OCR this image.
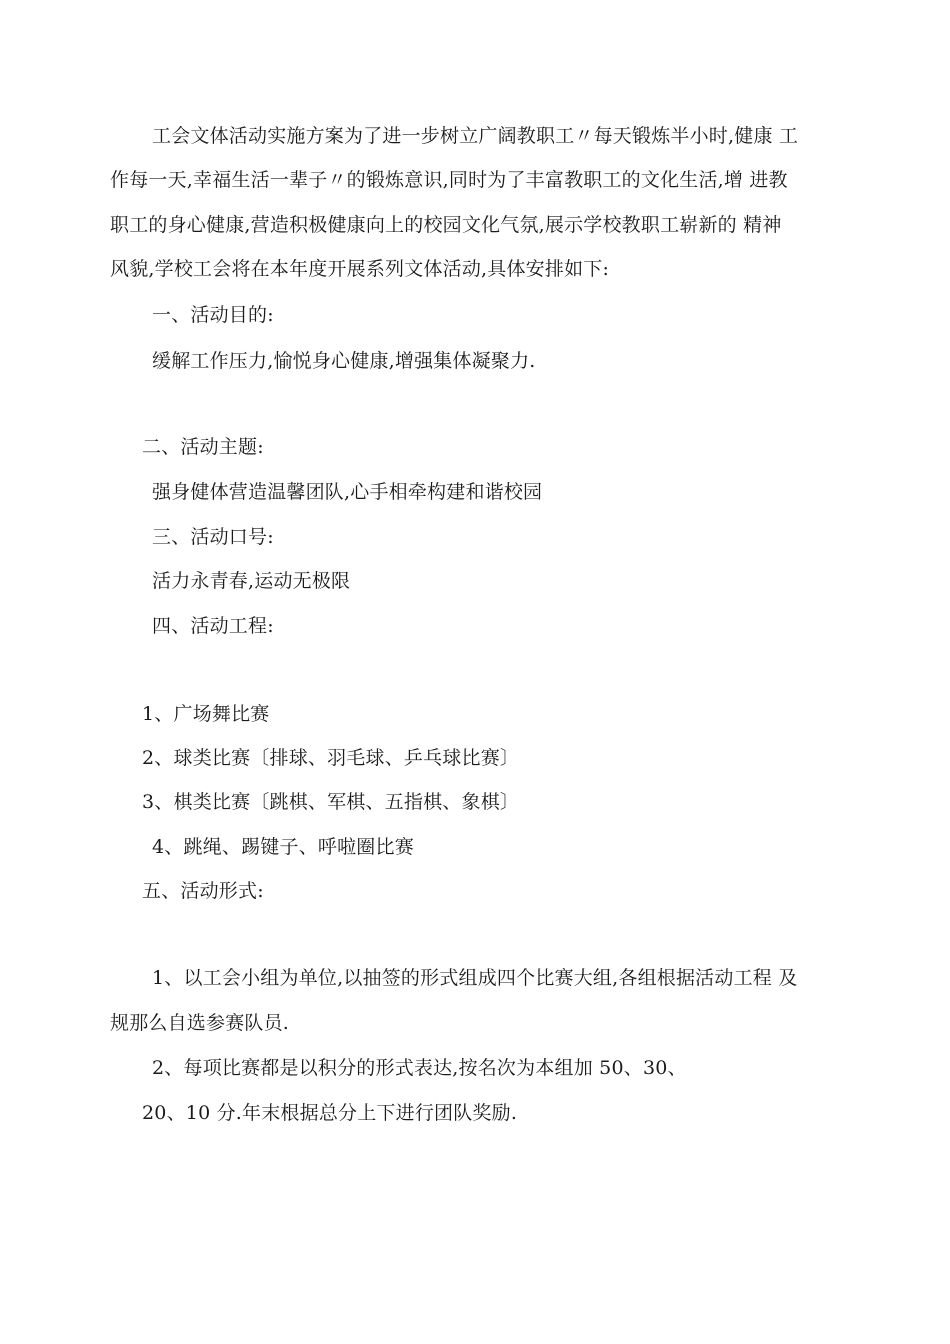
工会文体活动实施方案为了进一步树立广阔教职工〃每天锻炼半小时,健康 工
作每一天,幸福生活一辈子〃的锻炼意识,同时为了丰富教职工的文化生活,增 进教
职工的身心健康,营造积极健康向上的校园文化气氛,展示学校教职工崭新的 精神
风貌,学校工会将在本年度开展系列文体活动,具体安排如下:
一、活动目的:
缓解工作压力,愉悦身心健康,增强集体凝聚力.
二、活动主题:
强身健体营造温馨团队,心手相牵构建和谐校园
三、活动口号:
活力永青春,运动无极限
四、活动工程:
1、广场舞比赛
2、球类比赛〔排球、羽毛球、乒乓球比赛〕
3、棋类比赛〔跳棋、军棋、五指棋、象棋〕
4、跳绳、踢键子、呼啦圈比赛
五、活动形式:
1、以工会小组为单位,以抽签的形式组成四个比赛大组,各组根据活动工程 及
规那么自选参赛队员.
2、每项比赛都是以积分的形式表达,按名次为本组加 50、30、
20、10 分.年末根据总分上下进行团队奖励.
